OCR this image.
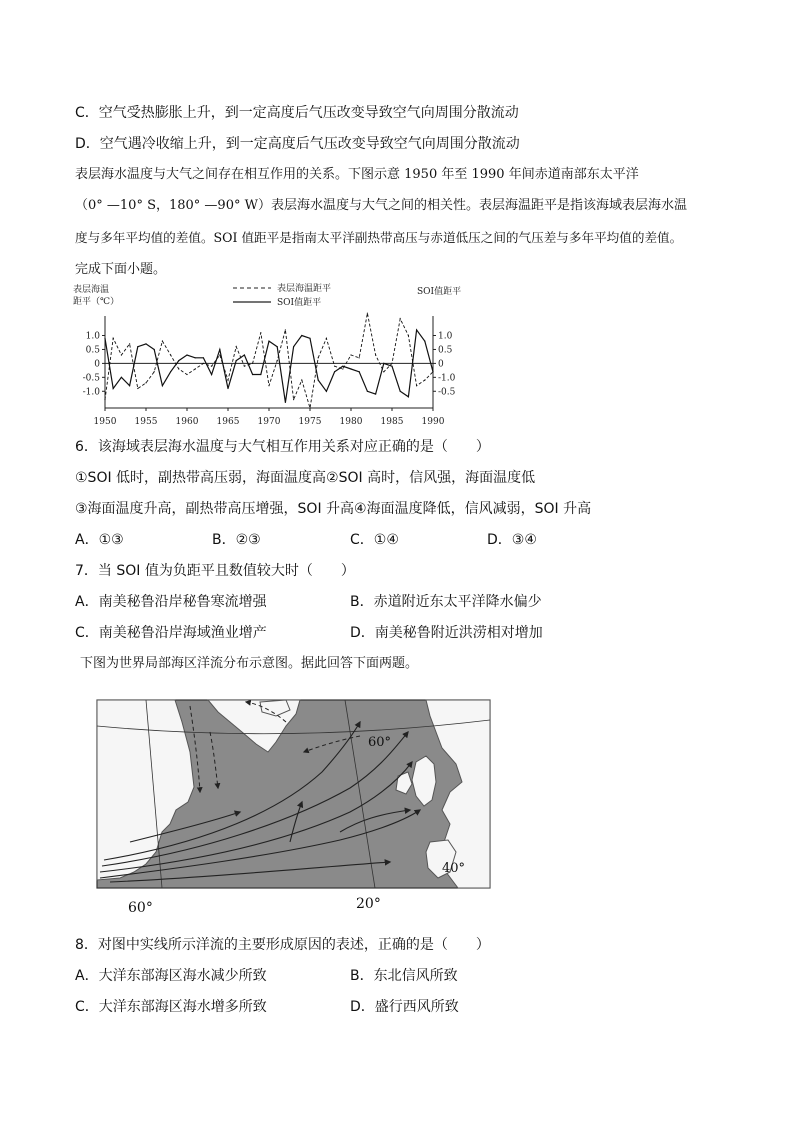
C．空气受热膨胀上升，到一定高度后气压改变导致空气向周围分散流动
D．空气遇冷收缩上升，到一定高度后气压改变导致空气向周围分散流动
表层海水温度与大气之间存在相互作用的关系。下图示意 1950 年至 1990 年间赤道南部东太平洋
（0° —10° S，180° —90° W）表层海水温度与大气之间的相关性。表层海温距平是指该海域表层海水温
度与多年平均值的差值。SOI 值距平是指南太平洋副热带高压与赤道低压之间的气压差与多年平均值的差值。
完成下面小题。
表层海温
距平（℃）
SOI值距平
表层海温距平
SOI值距平
1.0
0.5
0
-0.5
-1.0
1.0
0.5
0
-1.0
-0.5
1950 1955 1960 1965 1970 1975 1980 1985 1990
6．该海域表层海水温度与大气相互作用关系对应正确的是（　　）
①SOI 低时，副热带高压弱，海面温度高②SOI 高时，信风强，海面温度低
③海面温度升高，副热带高压增强，SOI 升高④海面温度降低，信风减弱，SOI 升高
A．①③	B．②③	C．①④	D．③④
7．当 SOI 值为负距平且数值较大时（　　）
A．南美秘鲁沿岸秘鲁寒流增强	B．赤道附近东太平洋降水偏少
C．南美秘鲁沿岸海域渔业增产	D．南美秘鲁附近洪涝相对增加
下图为世界局部海区洋流分布示意图。据此回答下面两题。
60°
40°
60°	20°
8．对图中实线所示洋流的主要形成原因的表述，正确的是（　　）
A．大洋东部海区海水减少所致	B．东北信风所致
C．大洋东部海区海水增多所致	D．盛行西风所致
